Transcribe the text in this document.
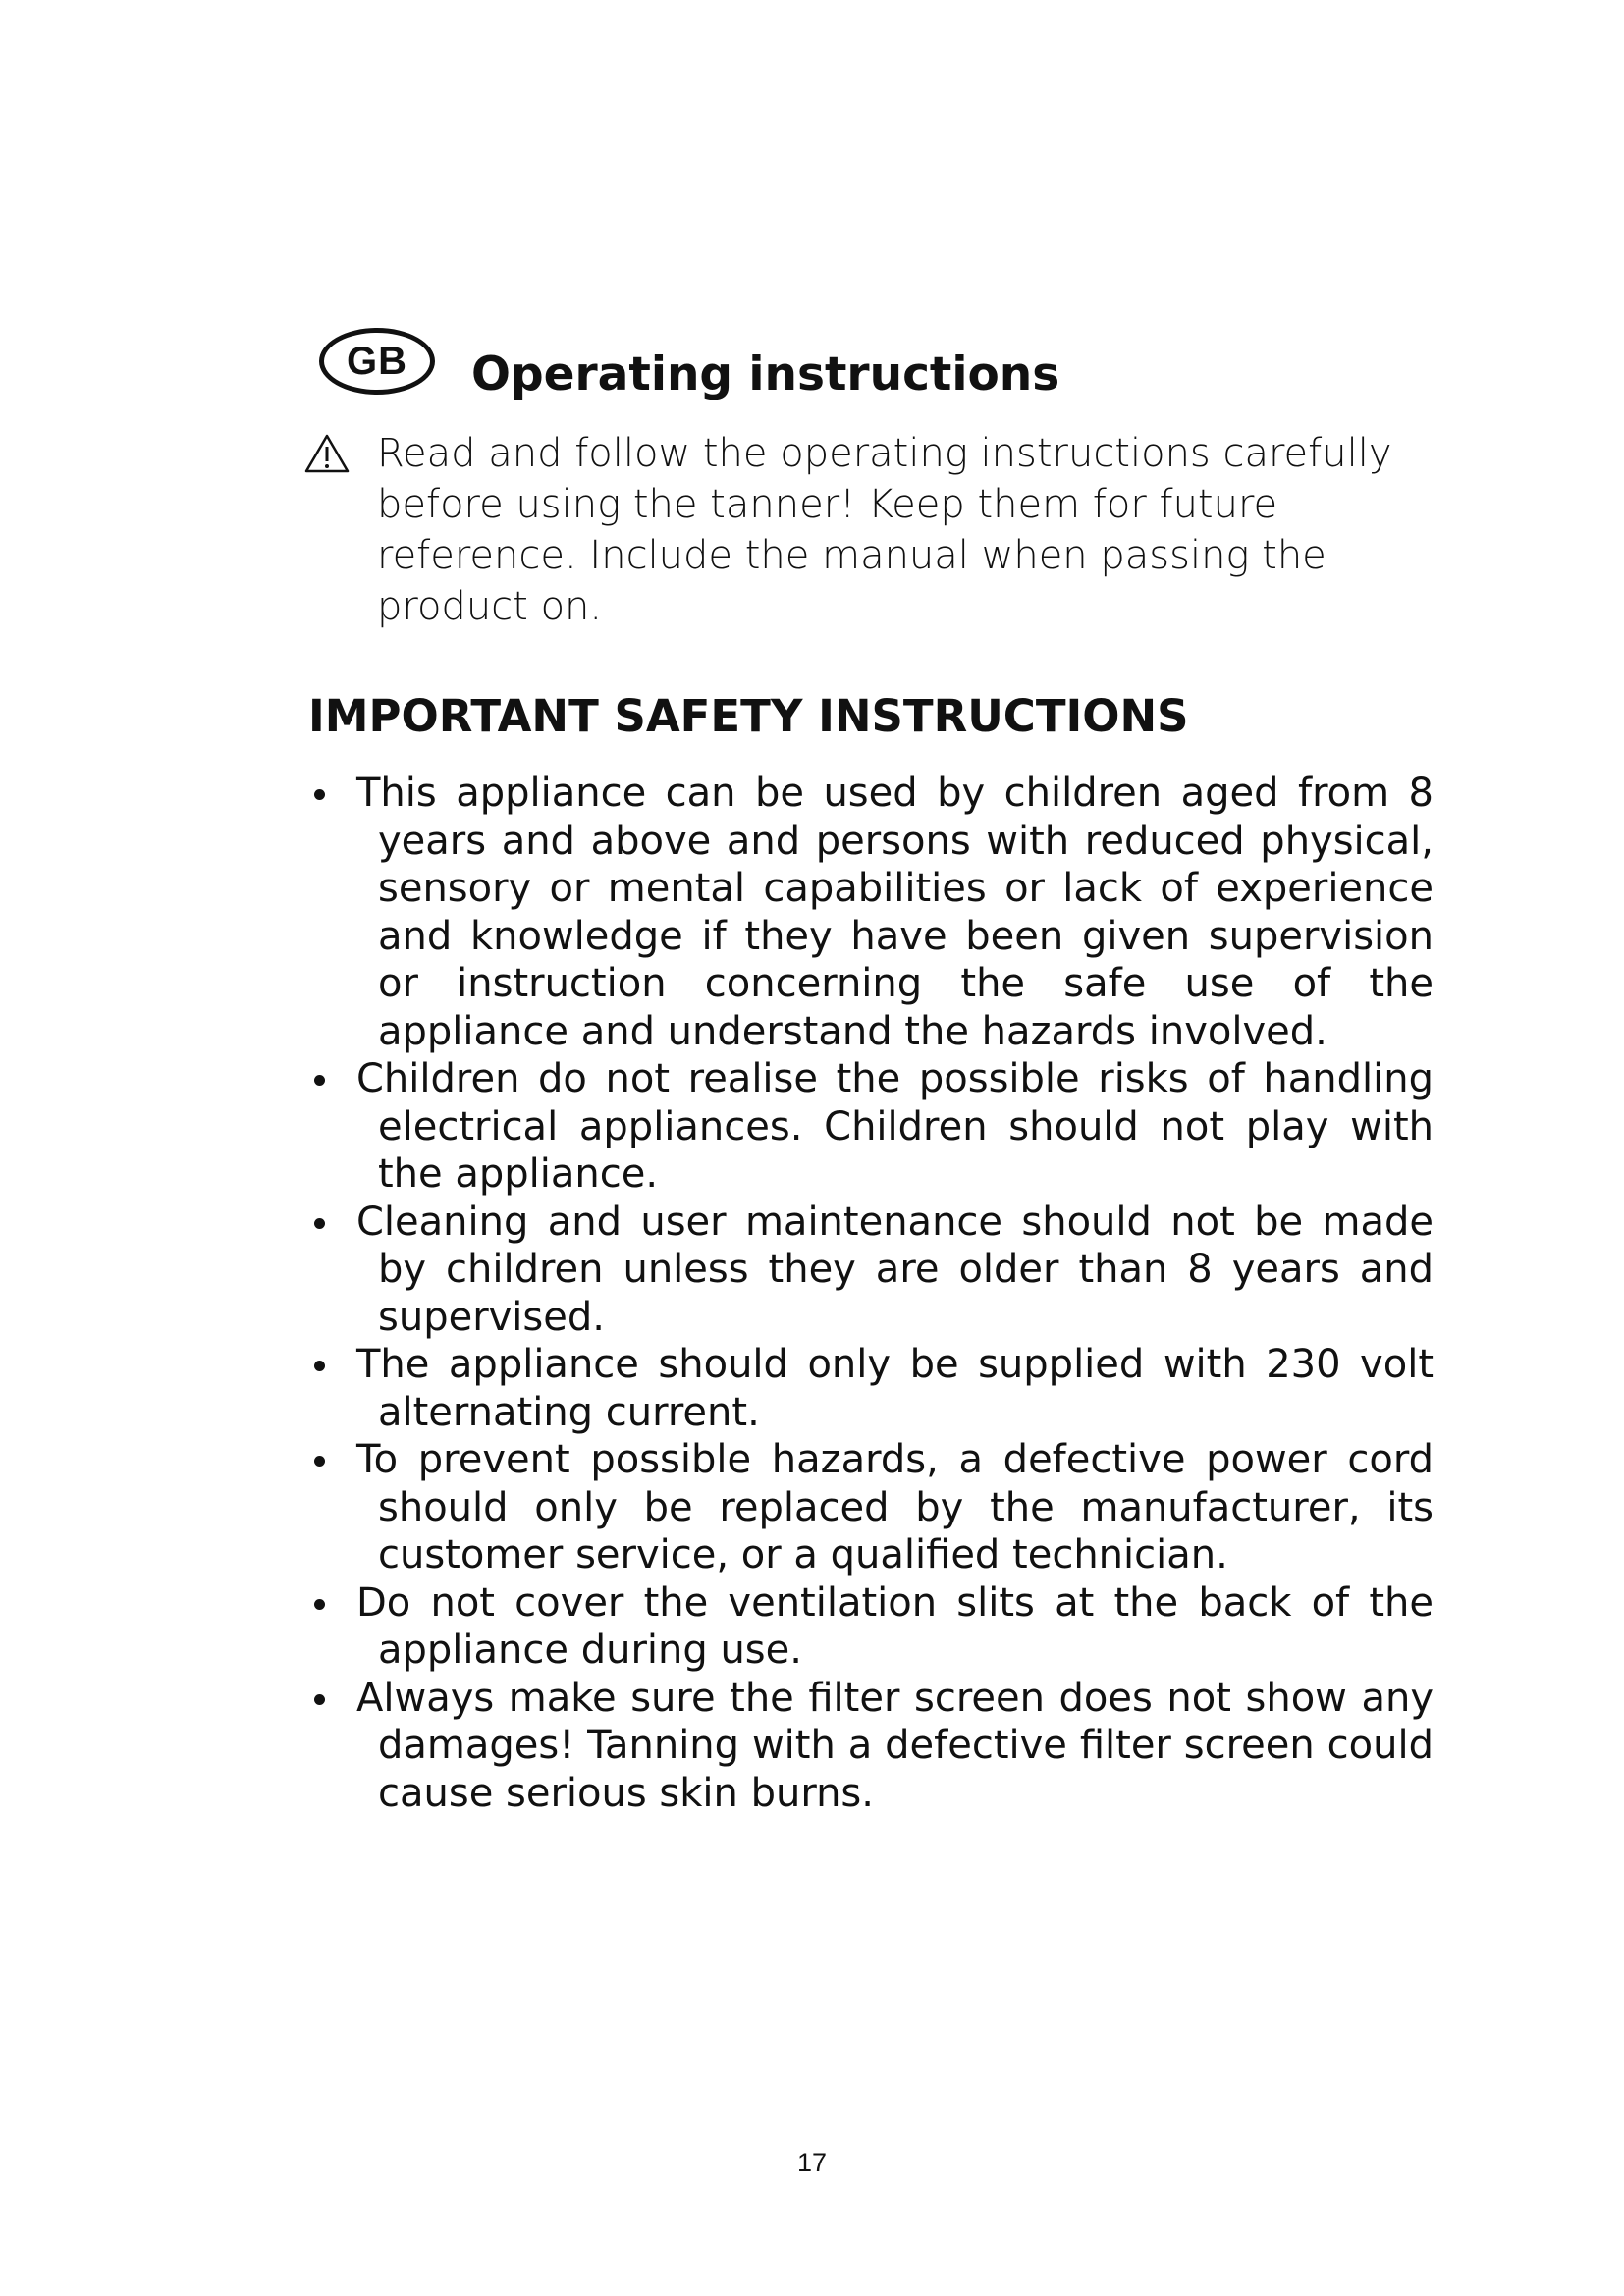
GB	Operating instructions

Read and follow the operating instructions carefully before using the tanner! Keep them for future reference. Include the manual when passing the product on.

IMPORTANT SAFETY INSTRUCTIONS
This appliance can be used by children aged from 8 years and above and persons with reduced physical, sensory or mental capabilities or lack of experience and knowledge if they have been given supervision or instruction concerning the safe use of the appliance and understand the hazards involved.
Children do not realise the possible risks of handling electrical appliances. Children should not play with the appliance.
Cleaning and user maintenance should not be made by children unless they are older than 8 years and supervised.
The appliance should only be supplied with 230 volt alternating current.
To prevent possible hazards, a defective power cord should only be replaced by the manufacturer, its customer service, or a qualified technician.
Do not cover the ventilation slits at the back of the appliance during use.
Always make sure the filter screen does not show any damages! Tanning with a defective filter screen could cause serious skin burns.

17
